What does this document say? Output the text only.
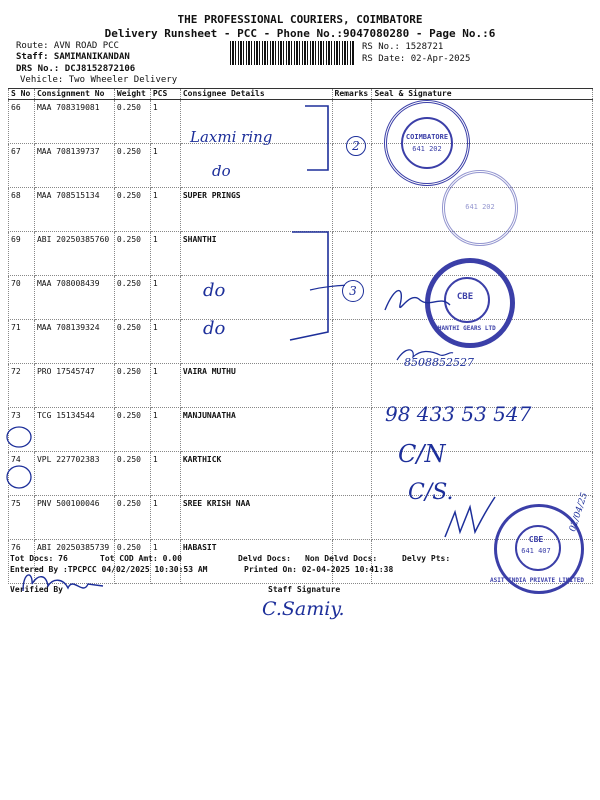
THE PROFESSIONAL COURIERS, COIMBATORE
Delivery Runsheet - PCC - Phone No.:9047080280 - Page No.:6
Route: AVN ROAD PCC
Staff: SAMIMANIKANDAN
DRS No.: DCJ8152872106
Vehicle: Two Wheeler Delivery
RS No.: 1528721
RS Date: 02-Apr-2025
S No	Consignment No	Weight	PCS	Consignee Details	Remarks	Seal & Signature
66	MAA 708319081	0.250	1			
67	MAA 708139737	0.250	1			
68	MAA 708515134	0.250	1	SUPER PRINGS		
69	ABI 20250385760	0.250	1	SHANTHI		
70	MAA 708008439	0.250	1			
71	MAA 708139324	0.250	1			
72	PRO 17545747	0.250	1	VAIRA MUTHU		
73	TCG 15134544	0.250	1	MANJUNAATHA		
74	VPL 227702383	0.250	1	KARTHICK		
75	PNV 500100046	0.250	1	SREE KRISH NAA		
76	ABI 20250385739	0.250	1	HABASIT		
Laxmi ring
do
do
do
2
3
COIMBATORE
641 202
641 202
CBE
SHANTHI GEARS LTD
CBE
641 407
ASIT INDIA PRIVATE LIMITED
8508852527
98 433 53 547
C/N
C/S.	02/04/25
Tot Docs: 76	Tot COD Amt: 0.00	Delvd Docs: Non Delvd Docs:	Delvy Pts:
Entered By :TPCPCC 04/02/2025 10:30:53 AM	Printed On: 02-04-2025 10:41:38
Verified By	Staff Signature
C.Samiy.
